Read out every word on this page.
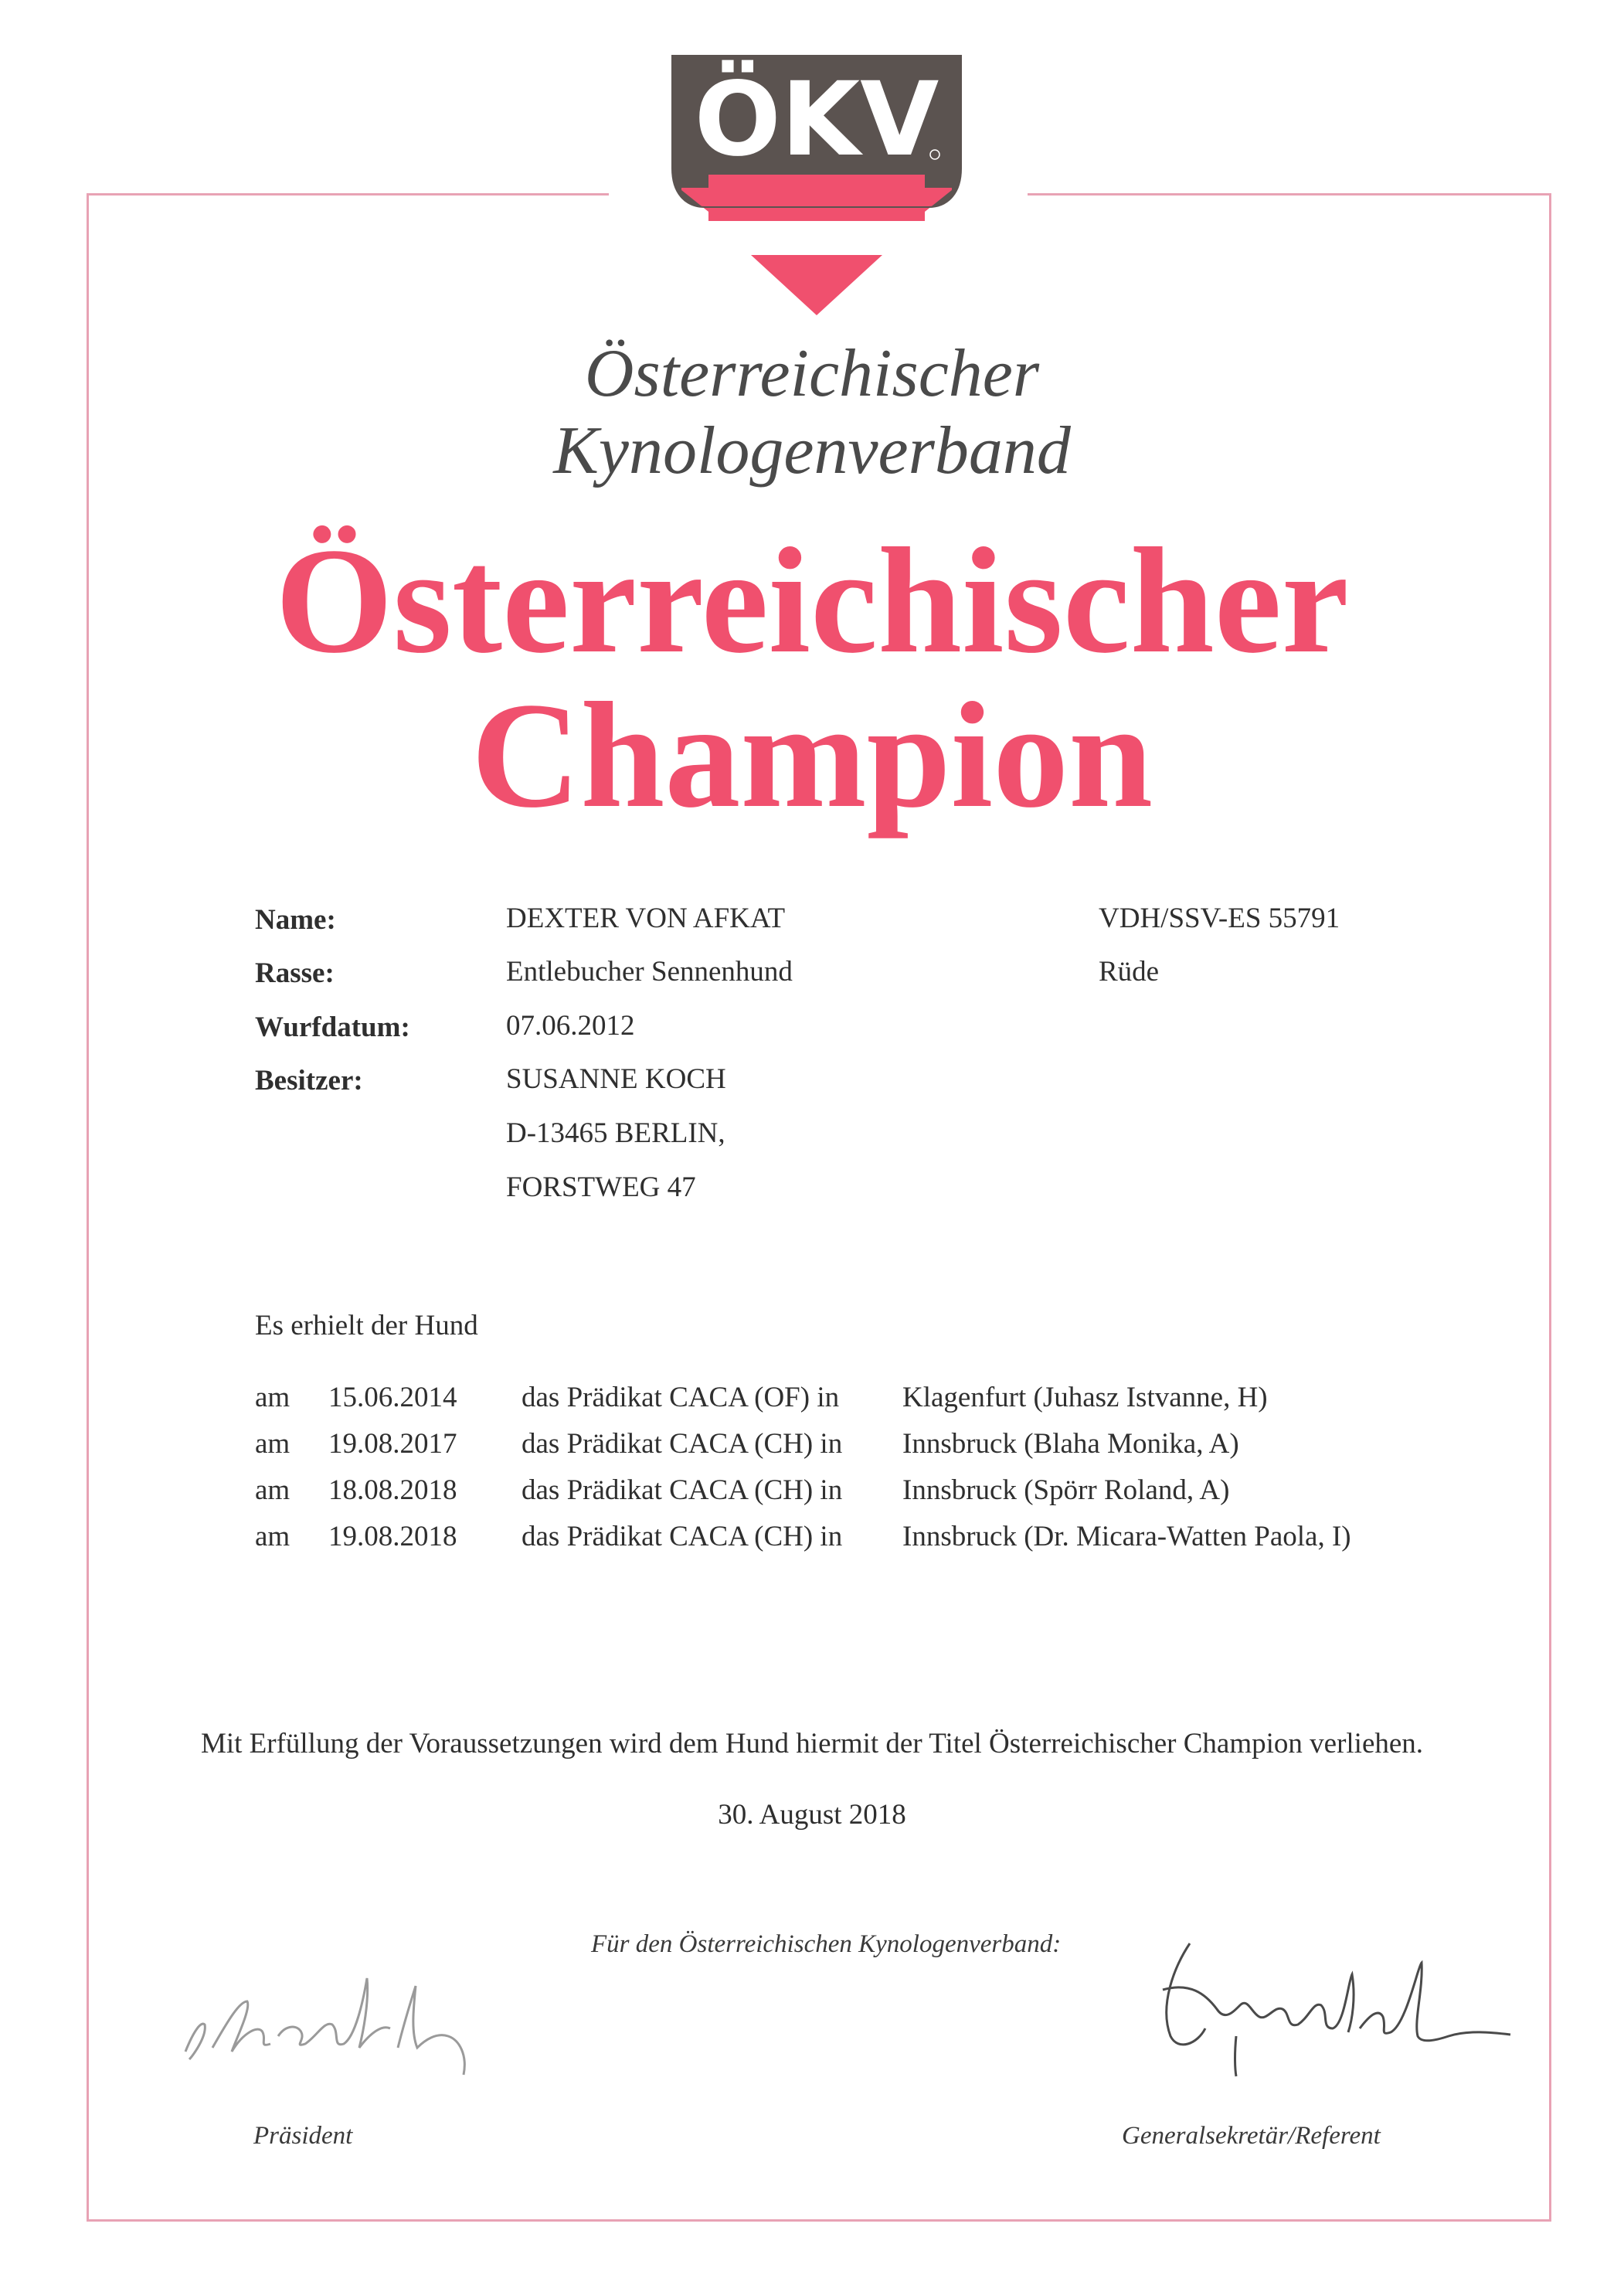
ÖKV
Österreichischer
Kynologenverband
Österreichischer
Champion
Name:	DEXTER VON AFKAT	VDH/SSV-ES 55791
Rasse:	Entlebucher Sennenhund	Rüde
Wurfdatum:	07.06.2012
Besitzer:	SUSANNE KOCH
D-13465 BERLIN,
FORSTWEG 47
Es erhielt der Hund
am 15.06.2014 das Prädikat CACA (OF) in Klagenfurt (Juhasz Istvanne, H)
am 19.08.2017 das Prädikat CACA (CH) in Innsbruck (Blaha Monika, A)
am 18.08.2018 das Prädikat CACA (CH) in Innsbruck (Spörr Roland, A)
am 19.08.2018 das Prädikat CACA (CH) in Innsbruck (Dr. Micara-Watten Paola, I)
Mit Erfüllung der Voraussetzungen wird dem Hund hiermit der Titel Österreichischer Champion verliehen.
30. August 2018
Für den Österreichischen Kynologenverband:
Präsident	Generalsekretär/Referent
